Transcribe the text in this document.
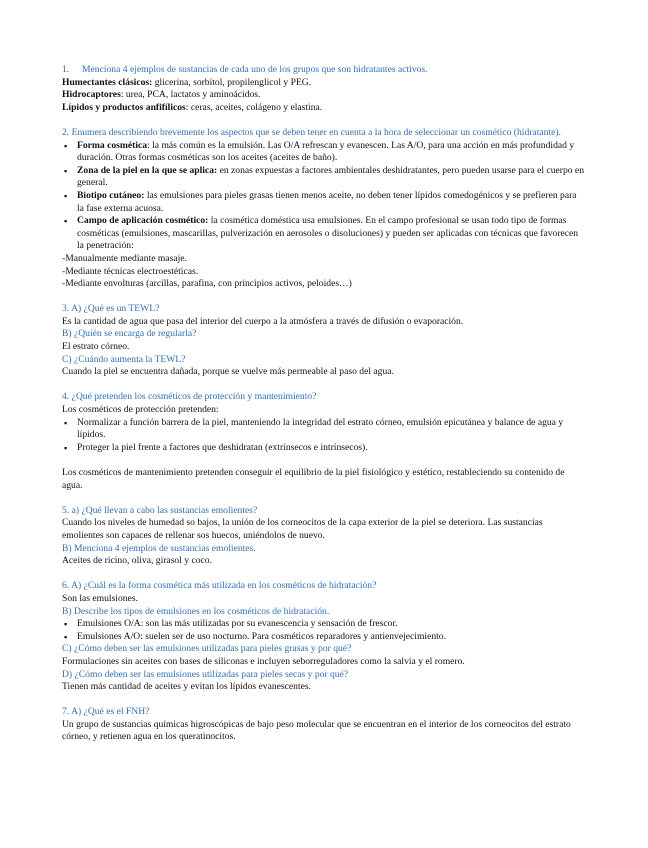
1. Menciona 4 ejemplos de sustancias de cada uno de los grupos que son hidratantes activos.

Humectantes clásicos: glicerina, sorbitol, propilenglicol y PEG.

Hidrocaptores: urea, PCA, lactatos y aminoácidos.

Lípidos y productos anfifílicos: ceras, aceites, colágeno y elastina.

2. Enumera describiendo brevemente los aspectos que se deben tener en cuenta a la hora de seleccionar un cosmético (hidratante).

▪ Forma cosmética: la más común es la emulsión. Las O/A refrescan y evanescen. Las A/O, para una acción en más profundidad y duración. Otras formas cosméticas son los aceites (aceites de baño).
▪ Zona de la piel en la que se aplica: en zonas expuestas a factores ambientales deshidratantes, pero pueden usarse para el cuerpo en general.
▪ Biotipo cutáneo: las emulsiones para pieles grasas tienen menos aceite, no deben tener lípidos comedogénicos y se prefieren para la fase externa acuosa.
▪ Campo de aplicación cosmético: la cosmética doméstica usa emulsiones. En el campo profesional se usan todo tipo de formas cosméticas (emulsiones, mascarillas, pulverización en aerosoles o disoluciones) y pueden ser aplicadas con técnicas que favorecen la penetración:

-Manualmente mediante masaje.

-Mediante técnicas electroestéticas.

-Mediante envolturas (arcillas, parafina, con principios activos, peloides…)

3. A) ¿Qué es un TEWL?

Es la cantidad de agua que pasa del interior del cuerpo a la atmósfera a través de difusión o evaporación.

B) ¿Quién se encarga de regularla?

El estrato córneo.

C) ¿Cuándo aumenta la TEWL?

Cuando la piel se encuentra dañada, porque se vuelve más permeable al paso del agua.

4. ¿Qué pretenden los cosméticos de protección y mantenimiento?

Los cosméticos de protección pretenden:

▪ Normalizar a función barrera de la piel, manteniendo la integridad del estrato córneo, emulsión epicutánea y balance de agua y lípidos.
▪ Proteger la piel frente a factores que deshidratan (extrínsecos e intrínsecos).

Los cosméticos de mantenimiento pretenden conseguir el equilibrio de la piel fisiológico y estético, restableciendo su contenido de agua.

5. a) ¿Qué llevan a cabo las sustancias emolientes?

Cuando los niveles de humedad so bajos, la unión de los corneocitos de la capa exterior de la piel se deteriora. Las sustancias emolientes son capaces de rellenar sos huecos, uniéndolos de nuevo.

B) Menciona 4 ejemplos de sustancias emolientes.

Aceites de ricino, oliva, girasol y coco.

6. A) ¿Cuál es la forma cosmética más utilizada en los cosméticos de hidratación?

Son las emulsiones.

B) Describe los tipos de emulsiones en los cosméticos de hidratación.

▪ Emulsiones O/A: son las más utilizadas por su evanescencia y sensación de frescor.
▪ Emulsiones A/O: suelen ser de uso nocturno. Para cosméticos reparadores y antienvejecimiento.

C) ¿Cómo deben ser las emulsiones utilizadas para pieles grasas y por qué?

Formulaciones sin aceites con bases de siliconas e incluyen seborreguladores como la salvia y el romero.

D) ¿Cómo deben ser las emulsiones utilizadas para pieles secas y por qué?

Tienen más cantidad de aceites y evitan los lípidos evanescentes.

7. A) ¿Qué es el FNH?

Un grupo de sustancias químicas higroscópicas de bajo peso molecular que se encuentran en el interior de los corneocitos del estrato córneo, y retienen agua en los queratinocitos.
